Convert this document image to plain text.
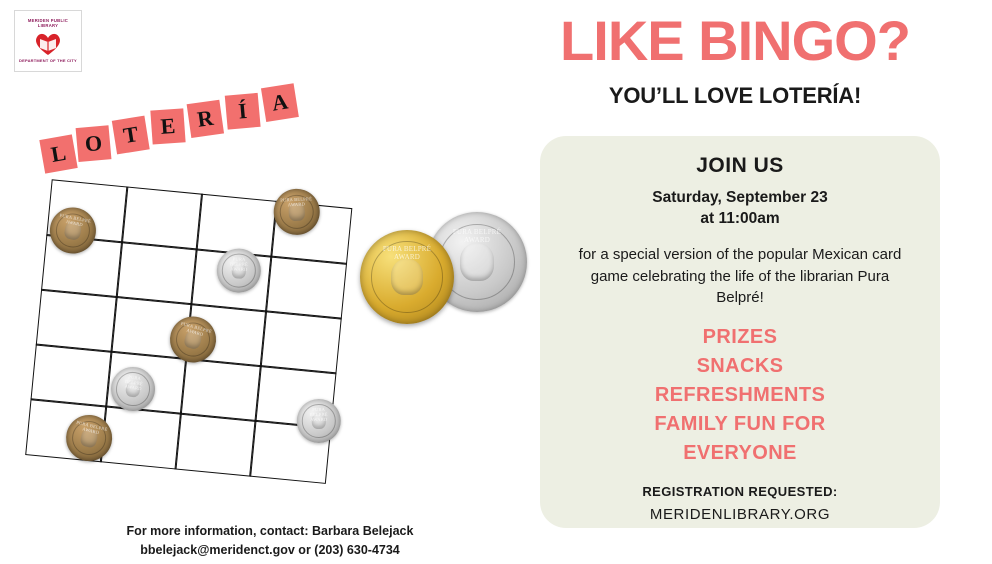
MERIDEN PUBLIC LIBRARY
DEPARTMENT OF THE CITY	LIKE BINGO?
YOU’LL LOVE LOTERÍA!
L O T E R	Í	A
PURA BELPRÉ AWARD
PURA BELPRÉ AWARD
PURA BELPRÉ AWARD
PURA BELPRÉ AWARD
PURA BELPRÉ AWARD
PURA BELPRÉ AWARD
PURA BELPRÉ AWARD
PURA BELPRÉ AWARD
PURA BELPRÉ AWARD
JOIN US
Saturday, September 23
at 11:00am
for a special version of the popular Mexican card game celebrating the life of the librarian Pura Belpré!
PRIZES
SNACKS
REFRESHMENTS
FAMILY FUN FOR
EVERYONE
REGISTRATION REQUESTED:
MERIDENLIBRARY.ORG
For more information, contact: Barbara Belejack
bbelejack@meridenct.gov or (203) 630-4734
